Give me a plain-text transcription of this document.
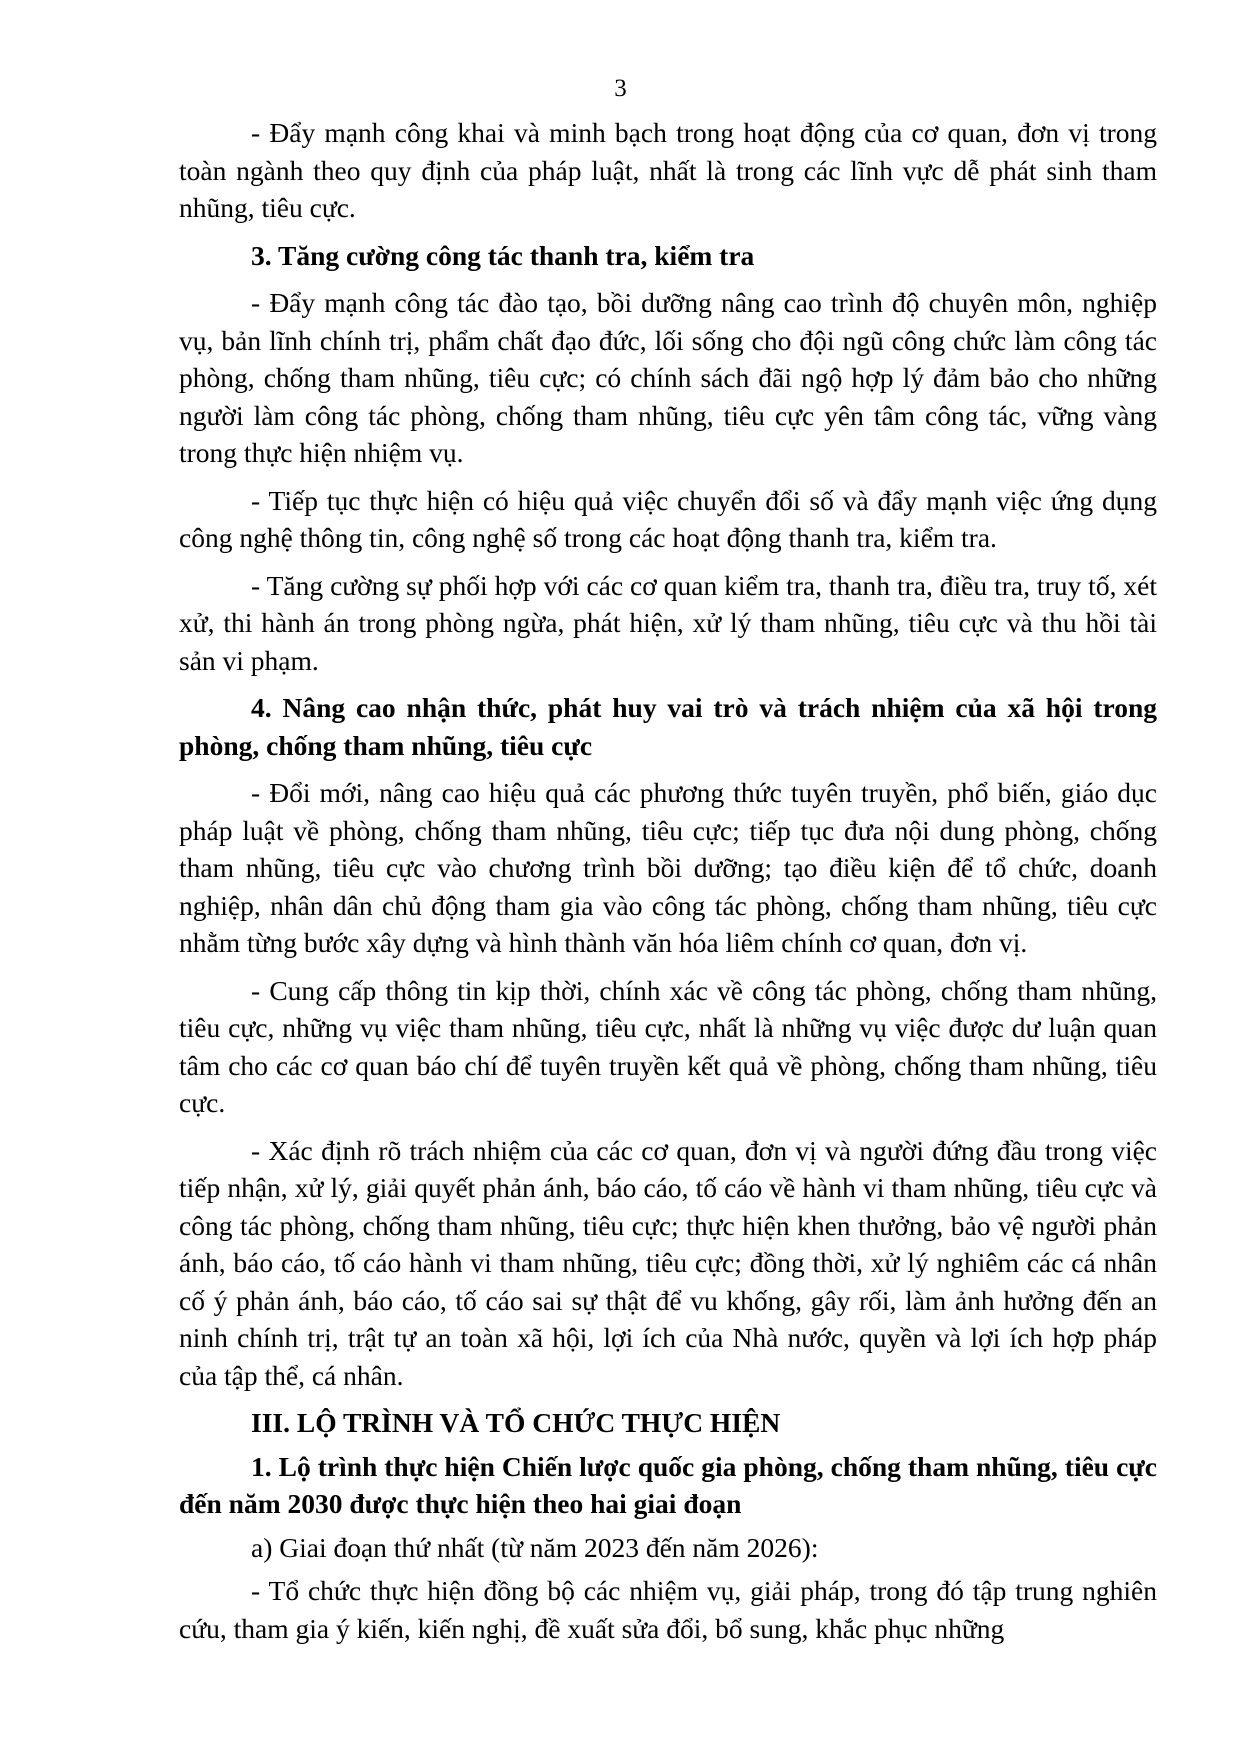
3

- Đẩy mạnh công khai và minh bạch trong hoạt động của cơ quan, đơn vị trong toàn ngành theo quy định của pháp luật, nhất là trong các lĩnh vực dễ phát sinh tham nhũng, tiêu cực.

3. Tăng cường công tác thanh tra, kiểm tra

- Đẩy mạnh công tác đào tạo, bồi dưỡng nâng cao trình độ chuyên môn, nghiệp vụ, bản lĩnh chính trị, phẩm chất đạo đức, lối sống cho đội ngũ công chức làm công tác phòng, chống tham nhũng, tiêu cực; có chính sách đãi ngộ hợp lý đảm bảo cho những người làm công tác phòng, chống tham nhũng, tiêu cực yên tâm công tác, vững vàng trong thực hiện nhiệm vụ.

- Tiếp tục thực hiện có hiệu quả việc chuyển đổi số và đẩy mạnh việc ứng dụng công nghệ thông tin, công nghệ số trong các hoạt động thanh tra, kiểm tra.

- Tăng cường sự phối hợp với các cơ quan kiểm tra, thanh tra, điều tra, truy tố, xét xử, thi hành án trong phòng ngừa, phát hiện, xử lý tham nhũng, tiêu cực và thu hồi tài sản vi phạm.

4. Nâng cao nhận thức, phát huy vai trò và trách nhiệm của xã hội trong phòng, chống tham nhũng, tiêu cực

- Đổi mới, nâng cao hiệu quả các phương thức tuyên truyền, phổ biến, giáo dục pháp luật về phòng, chống tham nhũng, tiêu cực; tiếp tục đưa nội dung phòng, chống tham nhũng, tiêu cực vào chương trình bồi dưỡng; tạo điều kiện để tổ chức, doanh nghiệp, nhân dân chủ động tham gia vào công tác phòng, chống tham nhũng, tiêu cực nhằm từng bước xây dựng và hình thành văn hóa liêm chính cơ quan, đơn vị.

- Cung cấp thông tin kịp thời, chính xác về công tác phòng, chống tham nhũng, tiêu cực, những vụ việc tham nhũng, tiêu cực, nhất là những vụ việc được dư luận quan tâm cho các cơ quan báo chí để tuyên truyền kết quả về phòng, chống tham nhũng, tiêu cực.

- Xác định rõ trách nhiệm của các cơ quan, đơn vị và người đứng đầu trong việc tiếp nhận, xử lý, giải quyết phản ánh, báo cáo, tố cáo về hành vi tham nhũng, tiêu cực và công tác phòng, chống tham nhũng, tiêu cực; thực hiện khen thưởng, bảo vệ người phản ánh, báo cáo, tố cáo hành vi tham nhũng, tiêu cực; đồng thời, xử lý nghiêm các cá nhân cố ý phản ánh, báo cáo, tố cáo sai sự thật để vu khống, gây rối, làm ảnh hưởng đến an ninh chính trị, trật tự an toàn xã hội, lợi ích của Nhà nước, quyền và lợi ích hợp pháp của tập thể, cá nhân.

III. LỘ TRÌNH VÀ TỔ CHỨC THỰC HIỆN

1. Lộ trình thực hiện Chiến lược quốc gia phòng, chống tham nhũng, tiêu cực đến năm 2030 được thực hiện theo hai giai đoạn

a) Giai đoạn thứ nhất (từ năm 2023 đến năm 2026):

- Tổ chức thực hiện đồng bộ các nhiệm vụ, giải pháp, trong đó tập trung nghiên cứu, tham gia ý kiến, kiến nghị, đề xuất sửa đổi, bổ sung, khắc phục những
